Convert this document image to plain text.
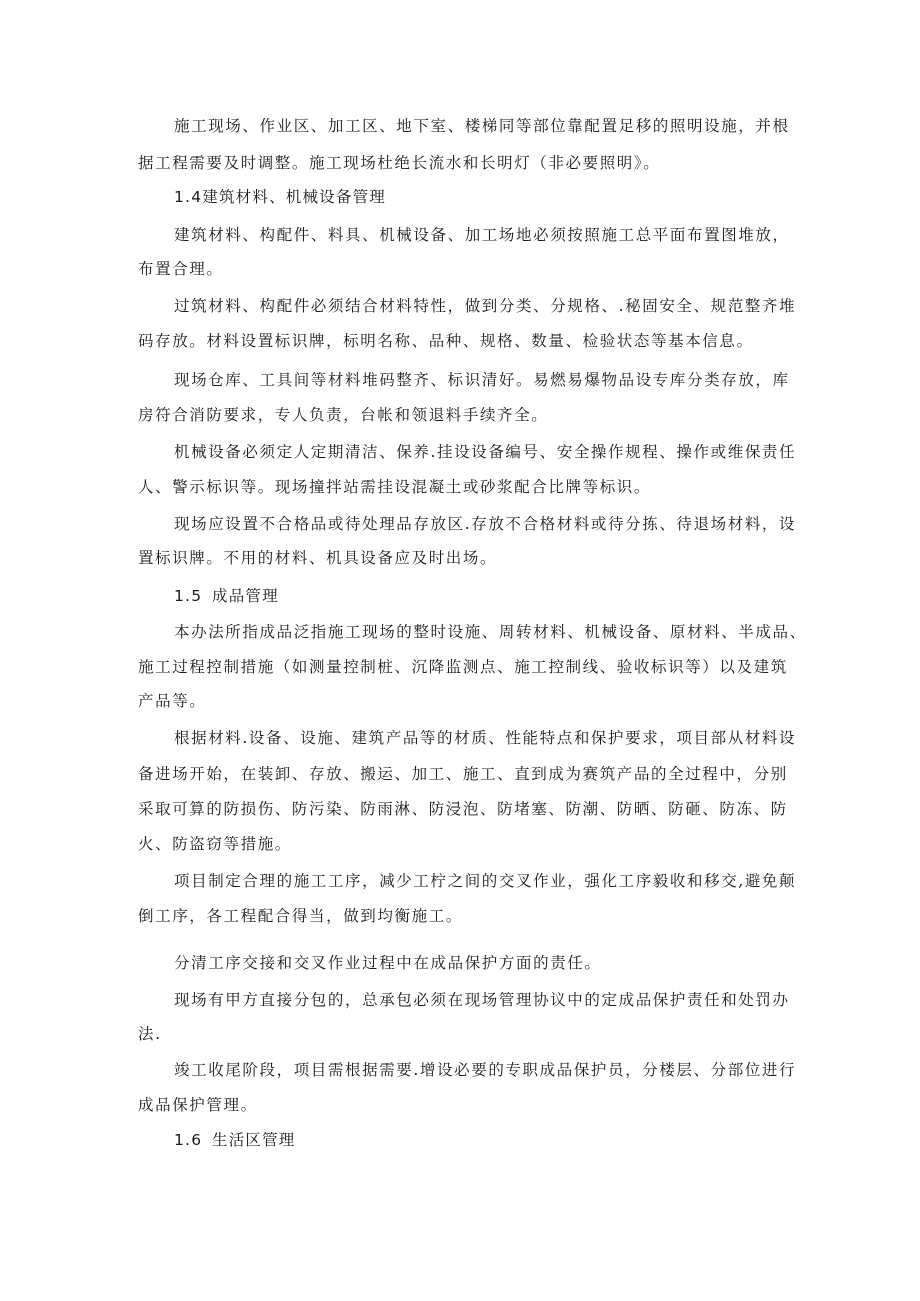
施工现场、作业区、加工区、地下室、楼梯同等部位靠配置足移的照明设施，并根
据工程需要及时调整。施工现场杜绝长流水和长明灯（非必要照明》。
1.4建筑材料、机械设备管理
建筑材料、构配件、料具、机械设备、加工场地必须按照施工总平面布置图堆放，
布置合理。
过筑材料、构配件必须结合材料特性，做到分类、分规格、.秘固安全、规范整齐堆
码存放。材料设置标识牌，标明名称、品种、规格、数量、检验状态等基本信息。
现场仓库、工具间等材料堆码整齐、标识清好。易燃易爆物品设专库分类存放，库
房符合消防要求，专人负责，台帐和领退料手续齐全。
机械设备必须定人定期清洁、保养.挂设设备编号、安全操作规程、操作或维保责任
人、警示标识等。现场撞拌站需挂设混凝土或砂浆配合比牌等标识。
现场应设置不合格品或待处理品存放区.存放不合格材料或待分拣、待退场材料，设
置标识牌。不用的材料、机具设备应及时出场。
1.5 成品管理
本办法所指成品泛指施工现场的整时设施、周转材料、机械设备、原材料、半成品、
施工过程控制措施（如测量控制桩、沉降监测点、施工控制线、验收标识等）以及建筑
产品等。
根据材料.设备、设施、建筑产品等的材质、性能特点和保护要求，项目部从材料设
备进场开始，在装卸、存放、搬运、加工、施工、直到成为赛筑产品的全过程中，分别
采取可算的防损伤、防污染、防雨淋、防浸泡、防堵塞、防潮、防晒、防砸、防冻、防
火、防盗窃等措施。
项目制定合理的施工工序，减少工柠之间的交叉作业，强化工序毅收和移交,避免颠
倒工序，各工程配合得当，做到均衡施工。
分清工序交接和交叉作业过程中在成品保护方面的责任。
现场有甲方直接分包的，总承包必须在现场管理协议中的定成品保护责任和处罚办
法.
竣工收尾阶段，项目需根据需要.增设必要的专职成品保护员，分楼层、分部位进行
成品保护管理。
1.6 生活区管理
